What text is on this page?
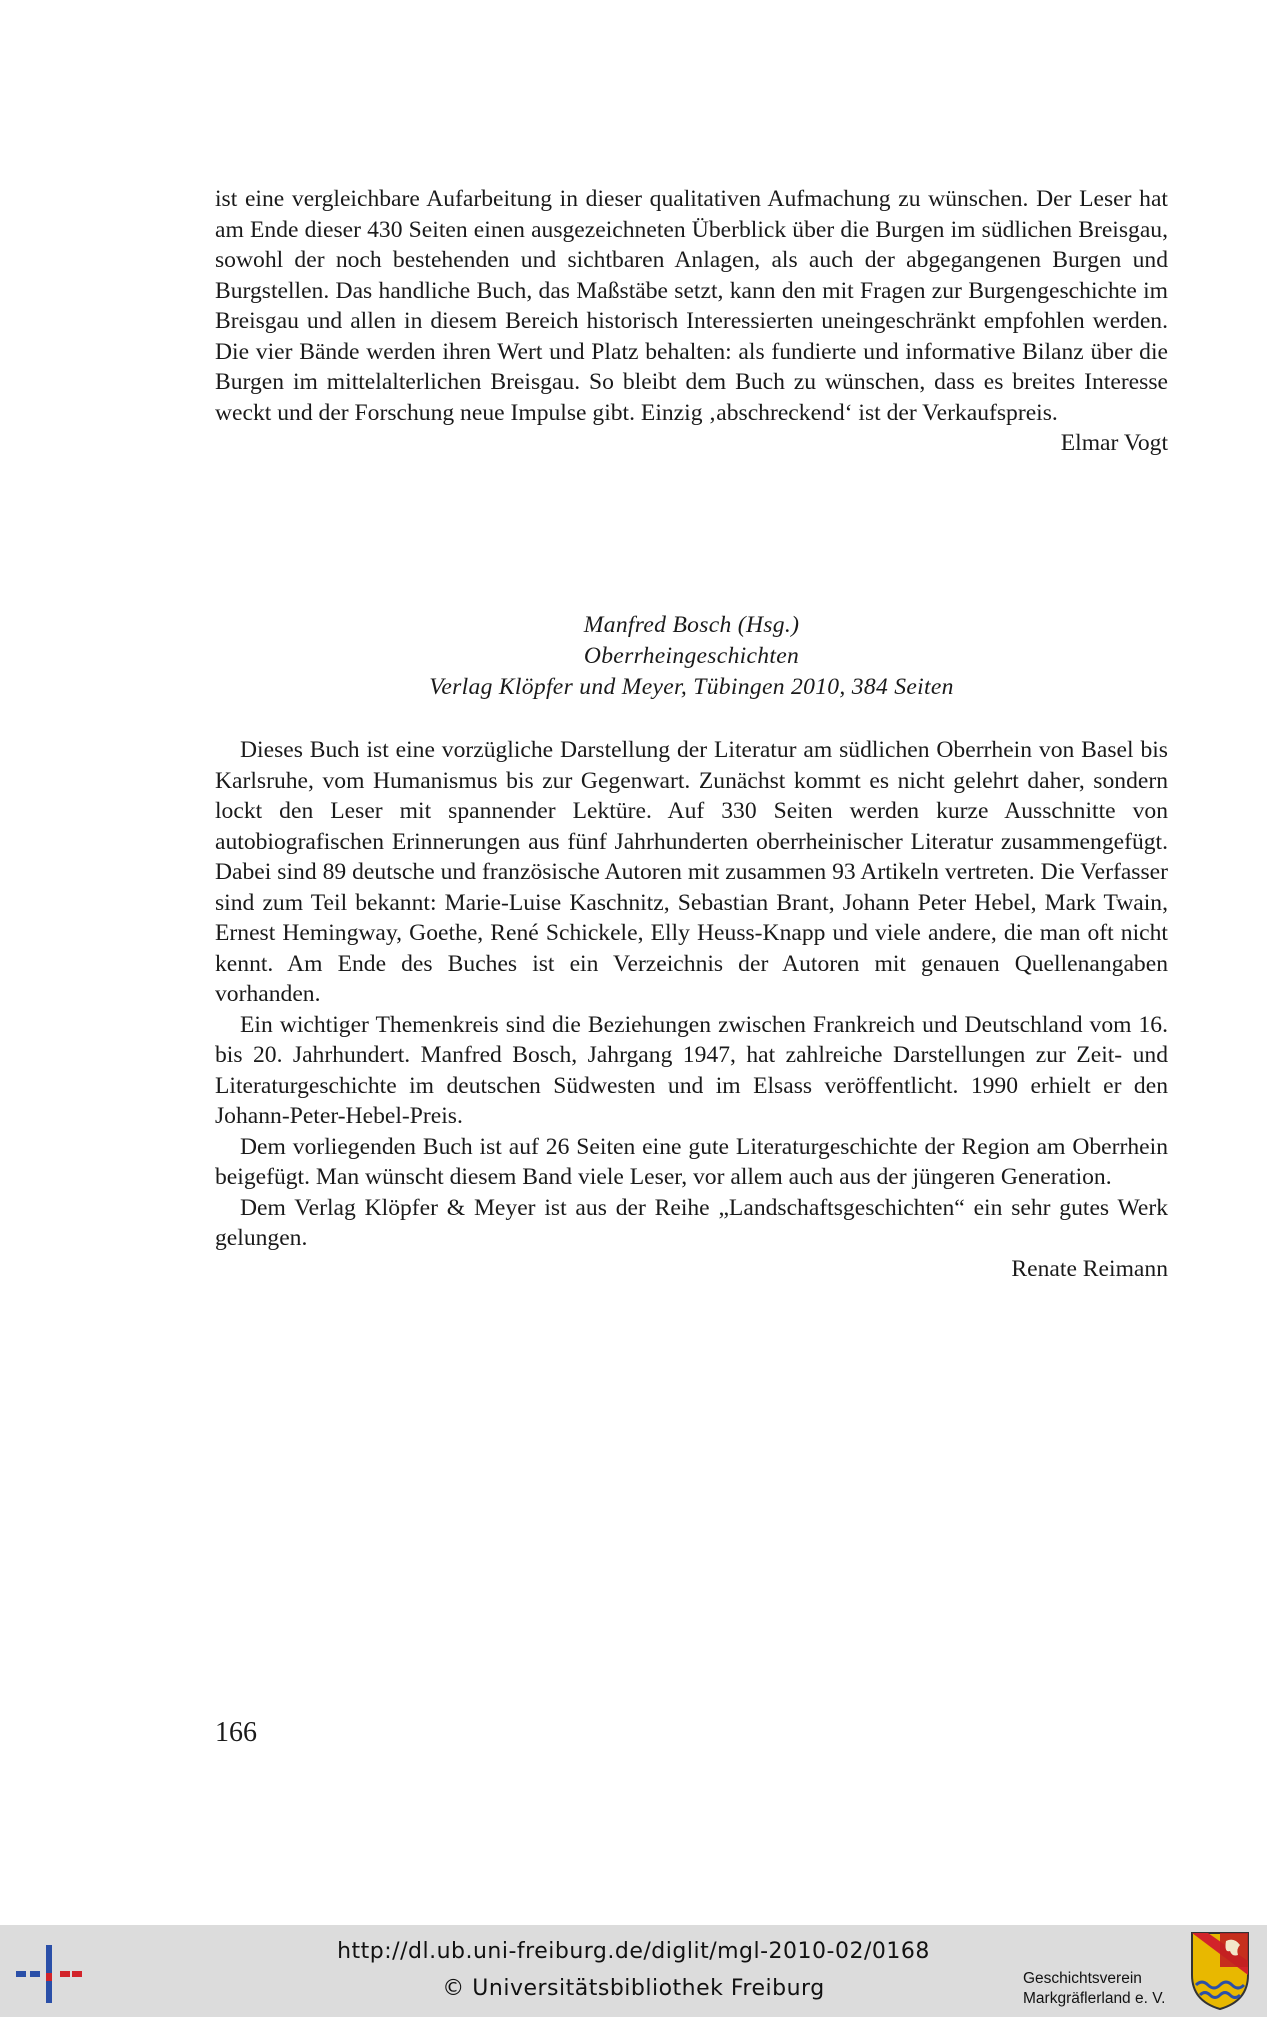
ist eine vergleichbare Aufarbeitung in dieser qualitativen Aufmachung zu wünschen. Der Leser hat am Ende dieser 430 Seiten einen ausgezeichneten Überblick über die Burgen im südlichen Breisgau, sowohl der noch bestehenden und sichtbaren Anlagen, als auch der abgegangenen Burgen und Burgstellen. Das handliche Buch, das Maßstäbe setzt, kann den mit Fragen zur Burgengeschichte im Breisgau und allen in diesem Bereich historisch Interessierten uneingeschränkt empfohlen werden. Die vier Bände werden ihren Wert und Platz behalten: als fundierte und informative Bilanz über die Burgen im mittelalterlichen Breisgau. So bleibt dem Buch zu wünschen, dass es breites Interesse weckt und der Forschung neue Impulse gibt. Einzig ‚abschreckend‘ ist der Verkaufspreis.

Elmar Vogt

Manfred Bosch (Hsg.)
Oberrheingeschichten
Verlag Klöpfer und Meyer, Tübingen 2010, 384 Seiten

Dieses Buch ist eine vorzügliche Darstellung der Literatur am südlichen Oberrhein von Basel bis Karlsruhe, vom Humanismus bis zur Gegenwart. Zunächst kommt es nicht gelehrt daher, sondern lockt den Leser mit spannender Lektüre. Auf 330 Seiten werden kurze Ausschnitte von autobiografischen Erinnerungen aus fünf Jahrhunderten oberrheinischer Literatur zusammengefügt. Dabei sind 89 deutsche und französische Autoren mit zusammen 93 Artikeln vertreten. Die Verfasser sind zum Teil bekannt: Marie-Luise Kaschnitz, Sebastian Brant, Johann Peter Hebel, Mark Twain, Ernest Hemingway, Goethe, René Schickele, Elly Heuss-Knapp und viele andere, die man oft nicht kennt. Am Ende des Buches ist ein Verzeichnis der Autoren mit genauen Quellenangaben vorhanden.

Ein wichtiger Themenkreis sind die Beziehungen zwischen Frankreich und Deutschland vom 16. bis 20. Jahrhundert. Manfred Bosch, Jahrgang 1947, hat zahlreiche Darstellungen zur Zeit- und Literaturgeschichte im deutschen Südwesten und im Elsass veröffentlicht. 1990 erhielt er den Johann-Peter-Hebel-Preis.

Dem vorliegenden Buch ist auf 26 Seiten eine gute Literaturgeschichte der Region am Oberrhein beigefügt. Man wünscht diesem Band viele Leser, vor allem auch aus der jüngeren Generation.

Dem Verlag Klöpfer & Meyer ist aus der Reihe „Landschaftsgeschichten“ ein sehr gutes Werk gelungen.

Renate Reimann

166
http://dl.ub.uni-freiburg.de/diglit/mgl-2010-02/0168
© Universitätsbibliothek Freiburg	Geschichtsverein
Markgräflerland e. V.
